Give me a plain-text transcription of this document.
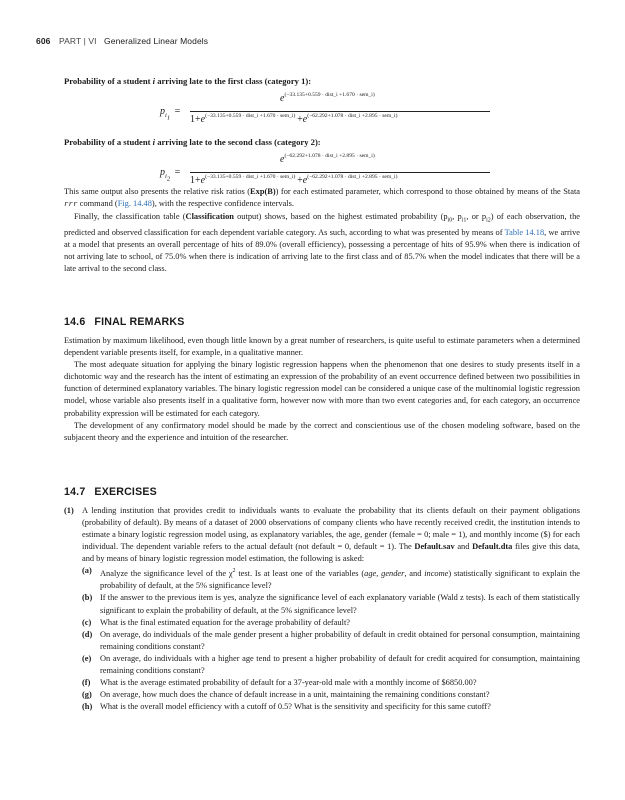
606 PART | VI Generalized Linear Models
Probability of a student i arriving late to the first class (category 1):
$p_{i_1}$ =
$e^{(-33.135+0.559 \cdot dist\_i +1.670 \cdot sem\_i)}$
$1+e^{(-33.135+0.559 \cdot dist\_i +1.670 \cdot sem\_i)} +e^{(-62.292+1.078 \cdot dist\_i +2.895 \cdot sem\_i)}$
Probability of a student i arriving late to the second class (category 2):
$p_{i_2}$ =
$e^{(-62.292+1.078 \cdot dist\_i +2.895 \cdot sem\_i)}$
$1+e^{(-33.135+0.559 \cdot dist\_i +1.670 \cdot sem\_i)} +e^{(-62.292+1.078 \cdot dist\_i +2.895 \cdot sem\_i)}$

This same output also presents the relative risk ratios (Exp(B)) for each estimated parameter, which correspond to those obtained by means of the Stata rrr command (Fig. 14.48), with the respective confidence intervals.

Finally, the classification table (Classification output) shows, based on the highest estimated probability ($p_{i0}$, $p_{i1}$, or $p_{i2}$) of each observation, the predicted and observed classification for each dependent variable category. As such, according to what was presented by means of Table 14.18, we arrive at a model that presents an overall percentage of hits of 89.0% (overall efficiency), possessing a percentage of hits of 95.9% when there is indication of not arriving late to school, of 75.0% when there is indication of arriving late to the first class and of 85.7% when the model indicates that there will be a late arrival to the second class.

14.6 FINAL REMARKS

Estimation by maximum likelihood, even though little known by a great number of researchers, is quite useful to estimate parameters when a determined dependent variable presents itself, for example, in a qualitative manner.

The most adequate situation for applying the binary logistic regression happens when the phenomenon that one desires to study presents itself in a dichotomic way and the research has the intent of estimating an expression of the probability of an event occurrence defined between two possibilities in function of determined explanatory variables. The binary logistic regression model can be considered a unique case of the multinomial logistic regression model, whose variable also presents itself in a qualitative form, however now with more than two event categories and, for each category, an occurrence probability expression will be estimated for each category.

The development of any confirmatory model should be made by the correct and conscientious use of the chosen modeling software, based on the subjacent theory and the experience and intuition of the researcher.

14.7 EXERCISES
(1) A lending institution that provides credit to individuals wants to evaluate the probability that its clients default on their payment obligations (probability of default). By means of a dataset of 2000 observations of company clients who have recently received credit, the institution intends to estimate a binary logistic regression model using, as explanatory variables, the age, gender (female = 0; male = 1), and monthly income ($) for each individual. The dependent variable refers to the actual default (not default = 0, default = 1). The Default.sav and Default.dta files give this data, and by means of binary logistic regression model estimation, the following is asked:
(a) Analyze the significance level of the $\chi^2$ test. Is at least one of the variables (age, gender, and income) statistically significant to explain the probability of default, at the 5% significance level?
(b) If the answer to the previous item is yes, analyze the significance level of each explanatory variable (Wald z tests). Is each of them statistically significant to explain the probability of default, at the 5% significance level?
(c) What is the final estimated equation for the average probability of default?
(d) On average, do individuals of the male gender present a higher probability of default in credit obtained for personal consumption, maintaining remaining conditions constant?
(e) On average, do individuals with a higher age tend to present a higher probability of default for credit acquired for consumption, maintaining remaining conditions constant?
(f) What is the average estimated probability of default for a 37-year-old male with a monthly income of $6850.00?
(g) On average, how much does the chance of default increase in a unit, maintaining the remaining conditions constant?
(h) What is the overall model efficiency with a cutoff of 0.5? What is the sensitivity and specificity for this same cutoff?
